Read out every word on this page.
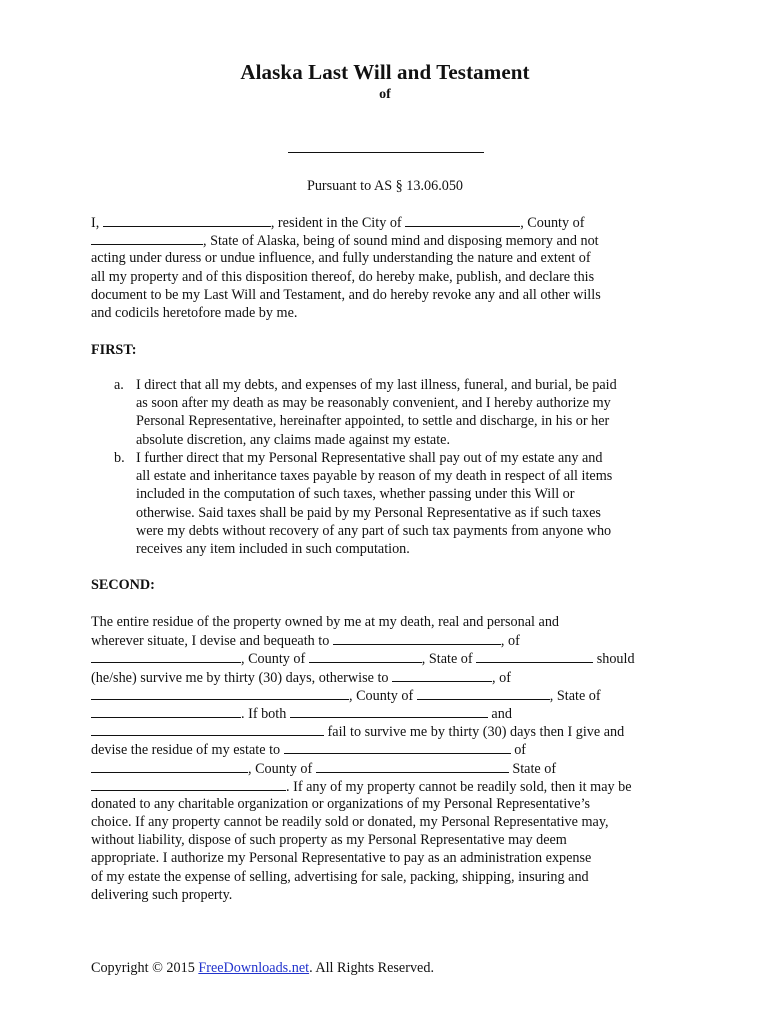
Alaska Last Will and Testament
of
Pursuant to AS § 13.06.050
I,	, resident in the City of	, County of
, State of Alaska, being of sound mind and disposing memory and not
acting under duress or undue influence, and fully understanding the nature and extent of
all my property and of this disposition thereof, do hereby make, publish, and declare this
document to be my Last Will and Testament, and do hereby revoke any and all other wills
and codicils heretofore made by me.
FIRST:
a. I direct that all my debts, and expenses of my last illness, funeral, and burial, be paid
as soon after my death as may be reasonably convenient, and I hereby authorize my
Personal Representative, hereinafter appointed, to settle and discharge, in his or her
absolute discretion, any claims made against my estate.
b. I further direct that my Personal Representative shall pay out of my estate any and
all estate and inheritance taxes payable by reason of my death in respect of all items
included in the computation of such taxes, whether passing under this Will or
otherwise. Said taxes shall be paid by my Personal Representative as if such taxes
were my debts without recovery of any part of such tax payments from anyone who
receives any item included in such computation.
SECOND:
The entire residue of the property owned by me at my death, real and personal and
wherever situate, I devise and bequeath to	, of
, County of	, State of	should
(he/she) survive me by thirty (30) days, otherwise to	, of
, County of	, State of
. If both	and
fail to survive me by thirty (30) days then I give and
devise the residue of my estate to	of
, County of	State of
. If any of my property cannot be readily sold, then it may be
donated to any charitable organization or organizations of my Personal Representative’s
choice. If any property cannot be readily sold or donated, my Personal Representative may,
without liability, dispose of such property as my Personal Representative may deem
appropriate. I authorize my Personal Representative to pay as an administration expense
of my estate the expense of selling, advertising for sale, packing, shipping, insuring and
delivering such property.
Copyright © 2015 FreeDownloads.net. All Rights Reserved.
